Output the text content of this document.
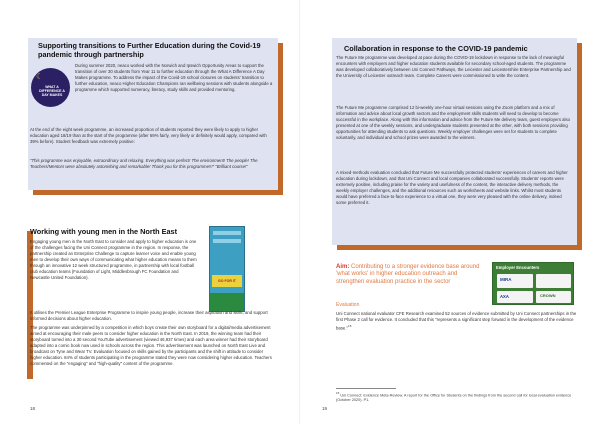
Supporting transitions to Further Education during the Covid-19 pandemic through partnership
☾
WHAT A DIFFERENCE A DAY MAKES
During summer 2020, neaco worked with the Norwich and Ipswich Opportunity Areas to support the transition of over 30 students from Year 11 to further education through the What A Difference A Day Makes programme. To address the impact of the Covid-19 school closures on students' transition to further education, neaco Higher Education Champions ran wellbeing sessions with students alongside a programme which supported numeracy, literacy, study skills and provided mentoring.
At the end of the eight week programme, an increased proportion of students reported they were likely to apply to higher education aged 18/19 than at the start of the programme (after 69% fairly, very likely or definitely would apply, compared with 39% before). Student feedback was extremely positive:
"This programme was enjoyable, extraordinary and relaxing. Everything was perfect! The environment! The people! The Teachers/Mentors were absolutely astonishing and remarkable! Thank you for this programme!!!" "Brilliant course!"
Working with young men in the North East
Engaging young men in the North East to consider and apply to higher education is one of the challenges facing the Uni Connect programme in the region. In response, the partnership created an Enterprise Challenge to capture learner voice and enable young men to develop their own ways of communicating what higher education means to them through an innovative 12 week structured programme, in partnership with local football club education teams (Foundation of Light, Middlesbrough FC Foundation and Newcastle United Foundation).
GO FOR IT
It utilises the Premier League Enterprise Programme to inspire young people, increase their aspiration and skills, and support informed decisions about higher education.
The programme was underpinned by a competition in which boys create their own storyboard for a digital/media advertisement aimed at encouraging their male peers to consider higher education in the North East. In 2019, the winning team had their storyboard turned into a 30 second YouTube advertisement (viewed 46,937 times) and each area winner had their storyboard adapted into a comic book now used in schools across the region. This advertisement was launched on North East Live and broadcast on Tyne and Wear TV. Evaluation focused on skills gained by the participants and the shift in attitude to consider higher education. 84% of students participating in the programme stated they were now considering higher education. Teachers commented on the "engaging" and "high-quality" content of the programme.
18
Collaboration in response to the COVID-19 pandemic
The Future Me programme was developed at pace during the COVID-19 lockdown in response to the lack of meaningful encounters with employers and higher education students available for secondary school-aged students. The programme was developed collaboratively between Uni Connect Pathways, the Leicester and Leicestershire Enterprise Partnership and the University of Leicester outreach team. Complete Careers were commissioned to write the content.
The Future Me programme comprised 12 bi-weekly one-hour virtual sessions using the Zoom platform and a mix of information and advice about local growth sectors and the employment skills students will need to develop to become successful in the workplace. Along with this information and advice from the Future Me delivery team, guest employers also presented at one of the weekly sessions, and undergraduate students presented at the other, with both sessions providing opportunities for attending students to ask questions. Weekly employer challenges were set for students to complete voluntarily, and individual and school prizes were awarded to the winners.
A mixed-methods evaluation concluded that Future Me successfully protected students' experiences of careers and higher education during lockdown, and that Uni Connect and local companies collaborated successfully. Students' reports were extremely positive, including praise for the variety and usefulness of the content, the interactive delivery methods, the weekly employer challenges, and the additional resources such as worksheets and website links. Whilst most students would have preferred a face-to-face experience to a virtual one, they were very pleased with the online delivery, indeed some preferred it.
Aim: Contributing to a stronger evidence base around 'what works' in higher education outreach and strengthen evaluation practice in the sector
Evaluation
Uni Connect national evaluator CFE Research examined 52 sources of evidence submitted by Uni Connect partnerships in the first Phase 2 call for evidence. It concluded that this "represents a significant step forward in the development of the evidence base."$^{15}$
Employer Encounters
MIRA
AXA	CROWN
$^{15}$ Uni Connect: Evidence Meta-Review. A report for the Office for Students on the findings from the second call for local evaluation evidence (October 2020). P1.
19
